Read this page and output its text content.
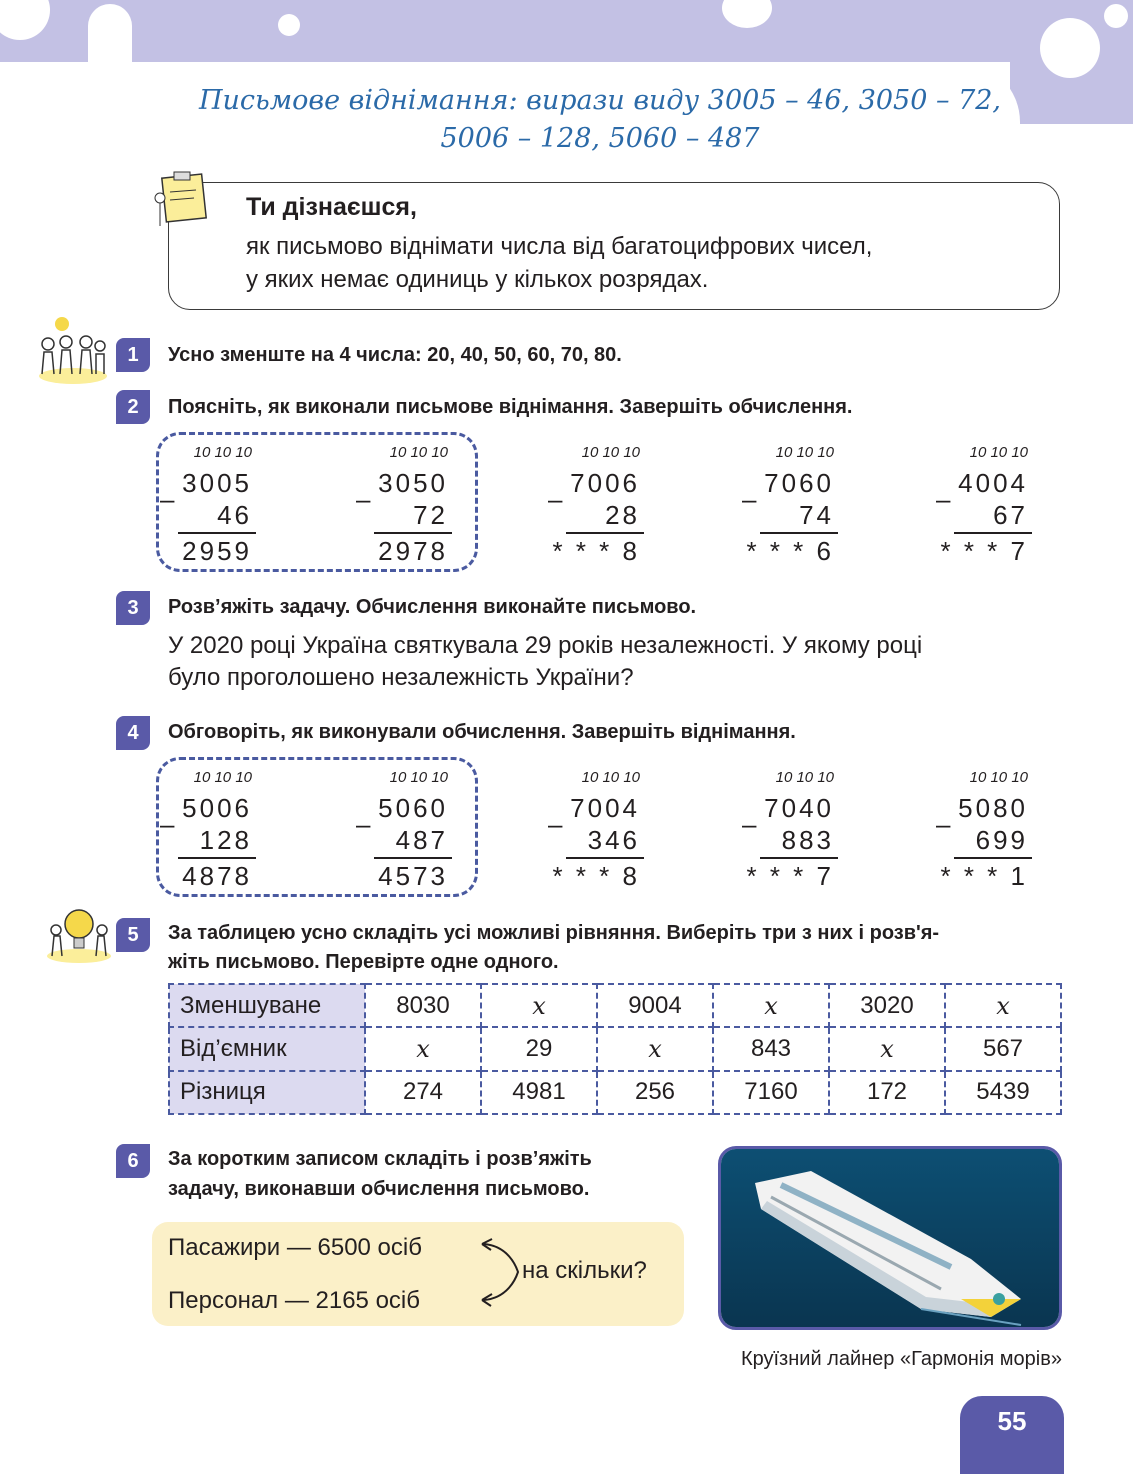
Письмове віднімання: вирази виду 3005 – 46, 3050 – 72,
5006 – 128, 5060 – 487
Ти дізнаєшся,
як письмово віднімати числа від багатоцифрових чисел,
у яких немає одиниць у кількох розрядах.
1	Усно зменште на 4 числа: 20, 40, 50, 60, 70, 80.
2	Поясніть, як виконали письмове віднімання. Завершіть обчислення.
10 10 10
3005
46
2959
–
10 10 10
3050
72
2978
–
10 10 10
7006
28
* * * 8
–
10 10 10
7060
74
* * * 6
–
10 10 10
4004
67
* * * 7
–
3	Розв’яжіть задачу. Обчислення виконайте письмово.
У 2020 році Україна святкувала 29 років незалежності. У якому році
було проголошено незалежність України?
4	Обговоріть, як виконували обчислення. Завершіть віднімання.
10 10 10
5006
128
4878
–
10 10 10
5060
487
4573
–
10 10 10
7004
346
* * * 8
–
10 10 10
7040
883
* * * 7
–
10 10 10
5080
699
* * * 1
–
5	За таблицею усно складіть усі можливі рівняння. Виберіть три з них і розв'я-
жіть письмово. Перевірте одне одного.
Зменшуване	8030	x	9004	x	3020	x
Від’ємник	x	29	x	843	x	567
Різниця	274	4981	256	7160	172	5439
6	За коротким записом складіть і розв’яжіть
задачу, виконавши обчислення письмово.
Пасажири — 6500 осіб
Персонал — 2165 осіб
на скільки?
Круїзний лайнер «Гармонія морів»
55
